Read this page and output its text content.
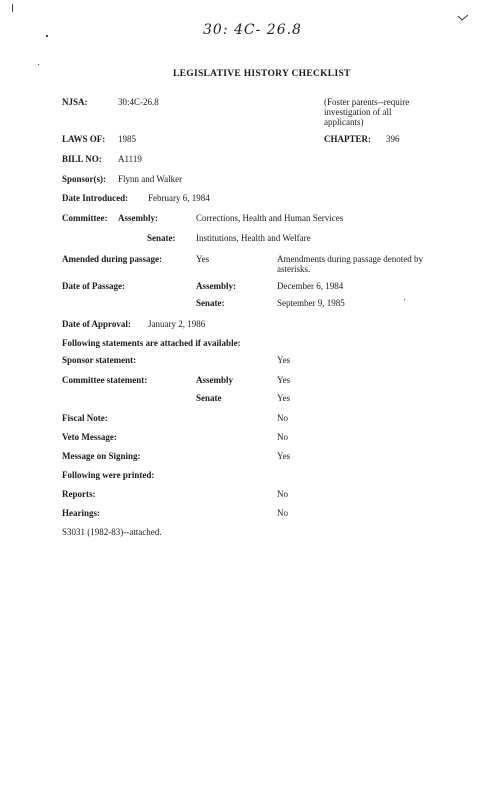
30: 4C- 26.8
LEGISLATIVE HISTORY CHECKLIST
NJSA:	30:4C-26.8	(Foster parents--require investigation of all applicants)
LAWS OF: 1985	CHAPTER: 396
BILL NO: A1119
Sponsor(s): Flynn and Walker
Date Introduced: February 6, 1984
Committee: Assembly:	Corrections, Health and Human Services
Senate: Institutions, Health and Welfare
Amended during passage:	Yes	Amendments during passage denoted by asterisks.
Date of Passage:	Assembly:	December 6, 1984
Senate:	September 9, 1985
Date of Approval: January 2, 1986
Following statements are attached if available:
Sponsor statement:	Yes
Committee statement:	Assembly	Yes
Senate	Yes
Fiscal Note:	No
Veto Message:	No
Message on Signing:	Yes
Following were printed:
Reports:	No
Hearings:	No
S3031 (1982-83)--attached.
